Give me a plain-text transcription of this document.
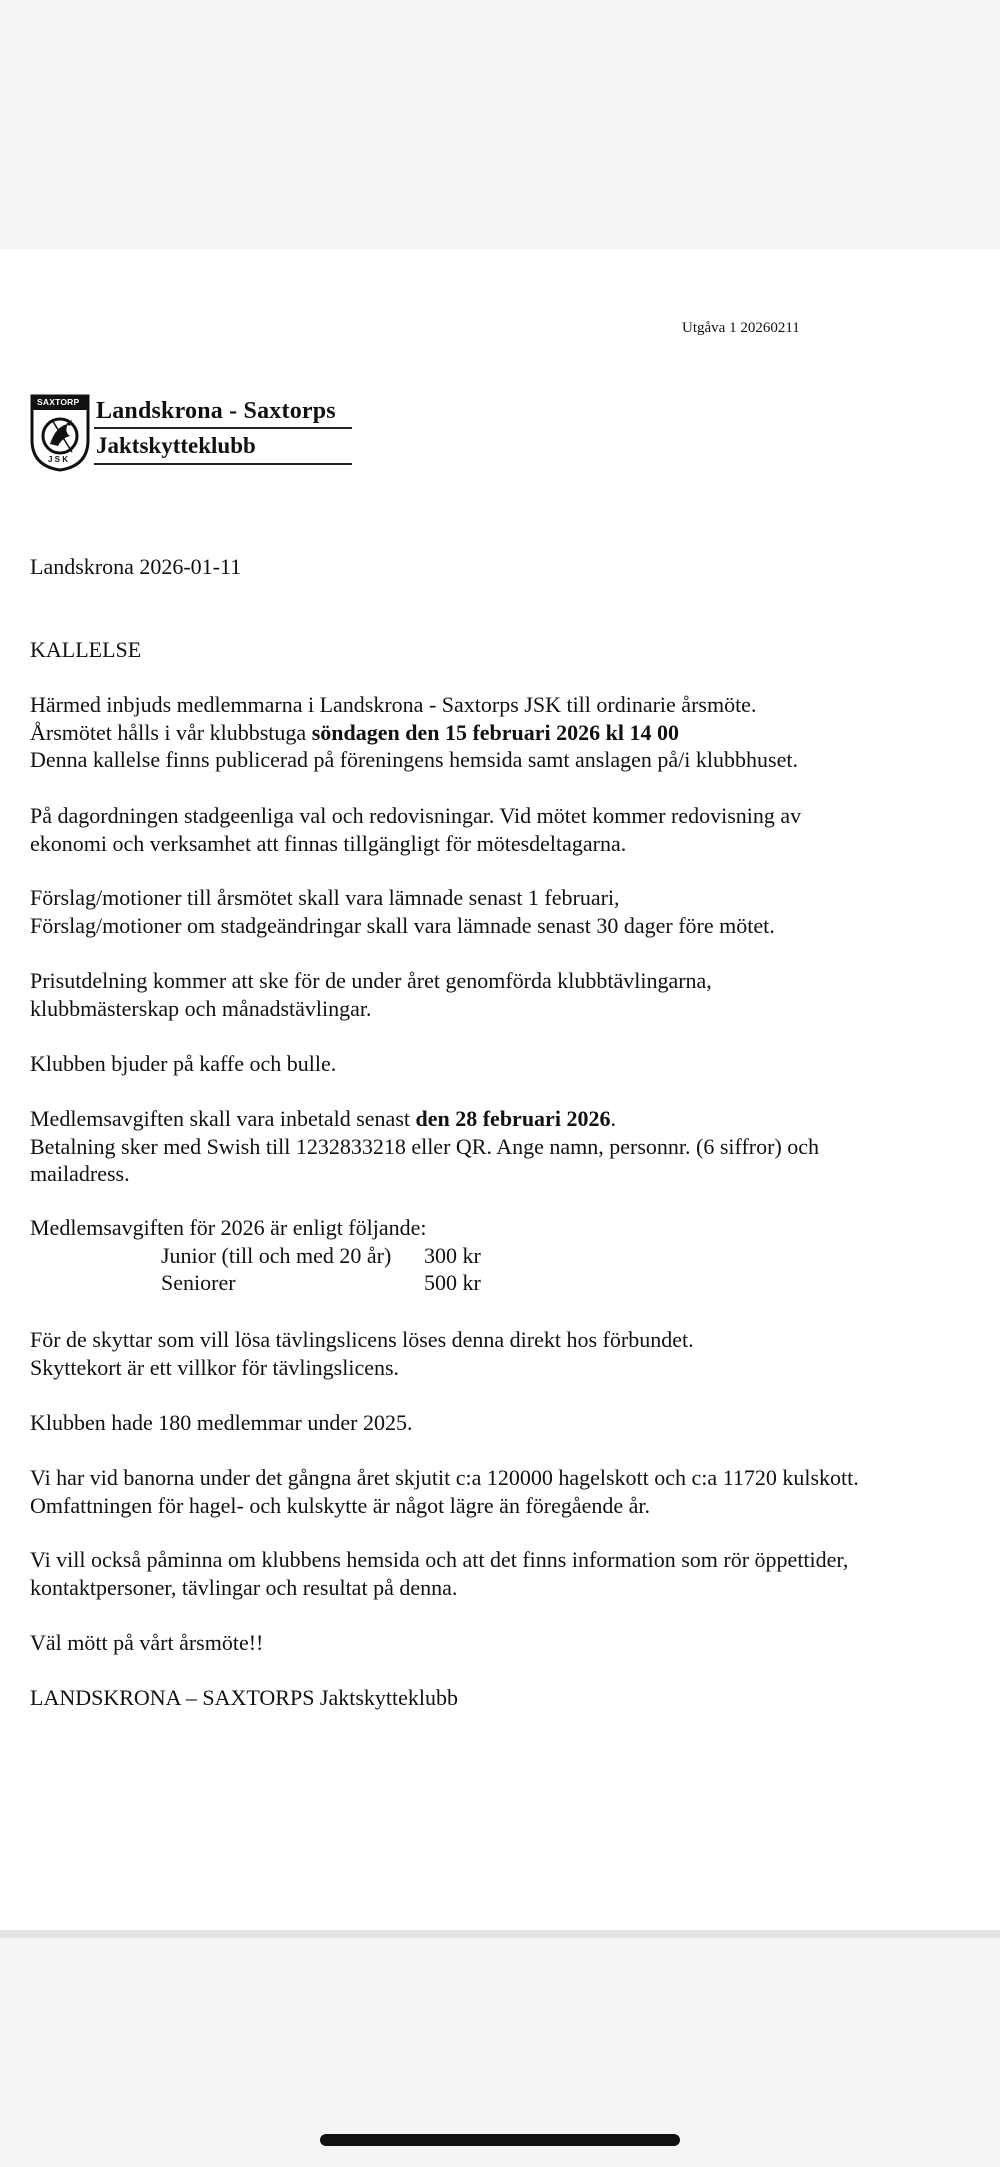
Utgåva 1 20260211
SAXTORP
J S K
Landskrona - Saxtorps
Jaktskytteklubb
Landskrona 2026-01-11
KALLELSE
Härmed inbjuds medlemmarna i Landskrona - Saxtorps JSK till ordinarie årsmöte.
Årsmötet hålls i vår klubbstuga söndagen den 15 februari 2026 kl 14 00
Denna kallelse finns publicerad på föreningens hemsida samt anslagen på/i klubbhuset.
På dagordningen stadgeenliga val och redovisningar. Vid mötet kommer redovisning av
ekonomi och verksamhet att finnas tillgängligt för mötesdeltagarna.
Förslag/motioner till årsmötet skall vara lämnade senast 1 februari,
Förslag/motioner om stadgeändringar skall vara lämnade senast 30 dager före mötet.
Prisutdelning kommer att ske för de under året genomförda klubbtävlingarna,
klubbmästerskap och månadstävlingar.
Klubben bjuder på kaffe och bulle.
Medlemsavgiften skall vara inbetald senast den 28 februari 2026.
Betalning sker med Swish till 1232833218 eller QR. Ange namn, personnr. (6 siffror) och
mailadress.
Medlemsavgiften för 2026 är enligt följande:
Junior (till och med 20 år)	300 kr
Seniorer	500 kr
För de skyttar som vill lösa tävlingslicens löses denna direkt hos förbundet.
Skyttekort är ett villkor för tävlingslicens.
Klubben hade 180 medlemmar under 2025.
Vi har vid banorna under det gångna året skjutit c:a 120000 hagelskott och c:a 11720 kulskott.
Omfattningen för hagel- och kulskytte är något lägre än föregående år.
Vi vill också påminna om klubbens hemsida och att det finns information som rör öppettider,
kontaktpersoner, tävlingar och resultat på denna.
Väl mött på vårt årsmöte!!
LANDSKRONA – SAXTORPS Jaktskytteklubb
